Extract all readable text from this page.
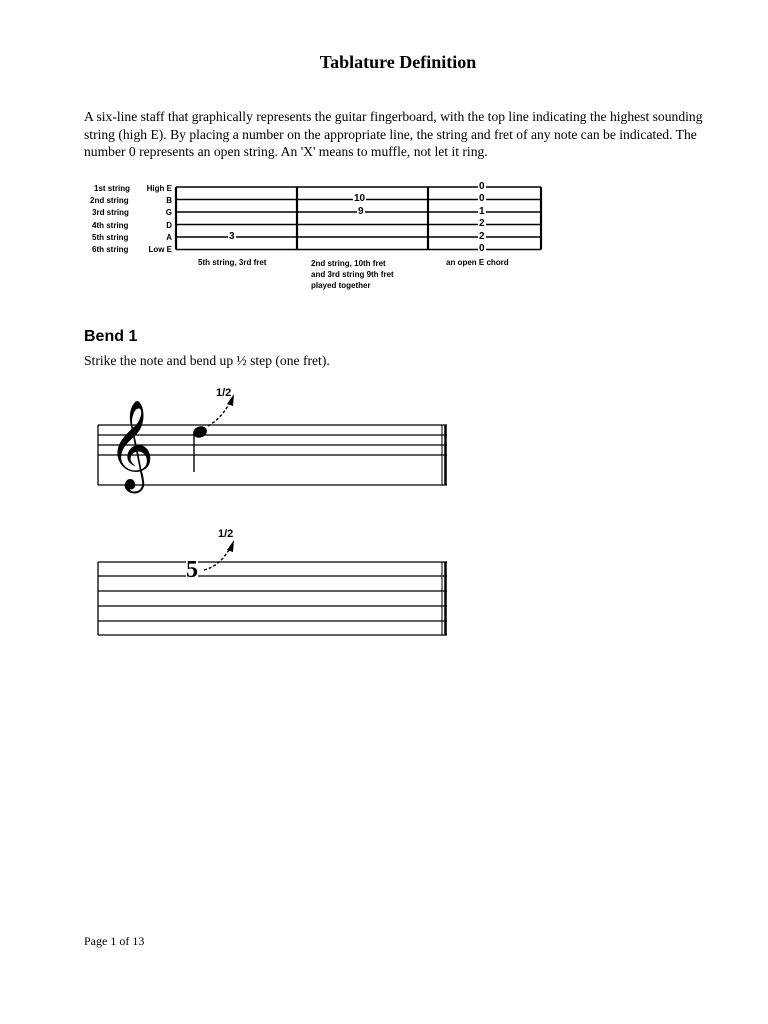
Tablature Definition
A six-line staff that graphically represents the guitar fingerboard, with the top line indicating the highest sounding string (high E). By placing a number on the appropriate line, the string and fret of any note can be indicated. The number 0 represents an open string. An 'X' means to muffle, not let it ring.
1st string
2nd string
3rd string
4th string
5th string
6th string
High E
B
G
D
A
Low E
3
10
9
0
0
1
2
2
0
5th string, 3rd fret	2nd string, 10th fret
and 3rd string 9th fret
played together
an open E chord
Bend 1
Strike the note and bend up ½ step (one fret).
𝄞
1/2
1/2
5
Page 1 of 13
